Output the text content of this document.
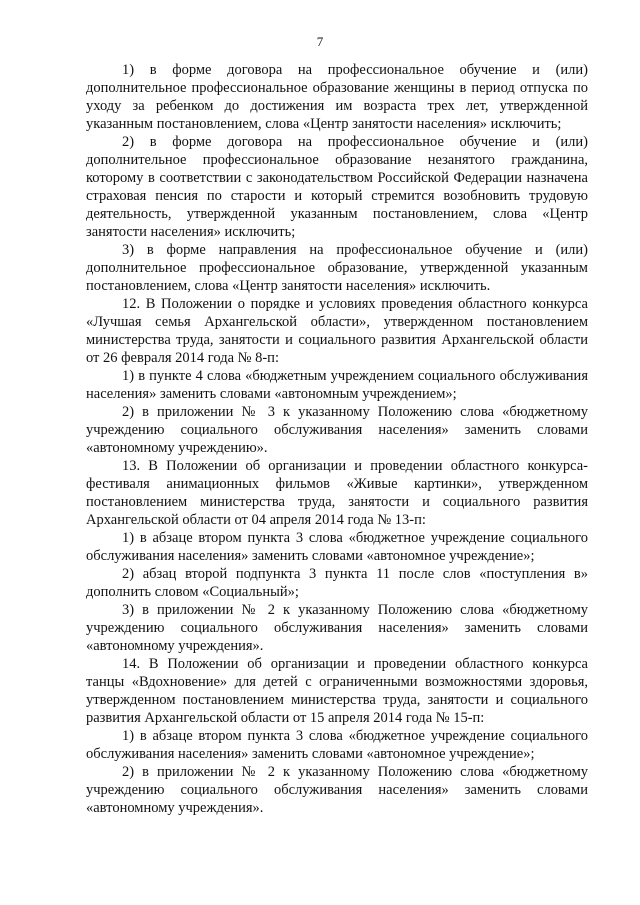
7

1) в форме договора на профессиональное обучение и (или) дополнительное профессиональное образование женщины в период отпуска по уходу за ребенком до достижения им возраста трех лет, утвержденной указанным постановлением, слова «Центр занятости населения» исключить;

2) в форме договора на профессиональное обучение и (или) дополнительное профессиональное образование незанятого гражданина, которому в соответствии с законодательством Российской Федерации назначена страховая пенсия по старости и который стремится возобновить трудовую деятельность, утвержденной указанным постановлением, слова «Центр занятости населения» исключить;

3) в форме направления на профессиональное обучение и (или) дополнительное профессиональное образование, утвержденной указанным постановлением, слова «Центр занятости населения» исключить.

12. В Положении о порядке и условиях проведения областного конкурса «Лучшая семья Архангельской области», утвержденном постановлением министерства труда, занятости и социального развития Архангельской области от 26 февраля 2014 года № 8-п:

1) в пункте 4 слова «бюджетным учреждением социального обслуживания населения» заменить словами «автономным учреждением»;

2) в приложении № 3 к указанному Положению слова «бюджетному учреждению социального обслуживания населения» заменить словами «автономному учреждению».

13. В Положении об организации и проведении областного конкурса-фестиваля анимационных фильмов «Живые картинки», утвержденном постановлением министерства труда, занятости и социального развития Архангельской области от 04 апреля 2014 года № 13-п:

1) в абзаце втором пункта 3 слова «бюджетное учреждение социального обслуживания населения» заменить словами «автономное учреждение»;

2) абзац второй подпункта 3 пункта 11 после слов «поступления в» дополнить словом «Социальный»;

3) в приложении № 2 к указанному Положению слова «бюджетному учреждению социального обслуживания населения» заменить словами «автономному учреждения».

14. В Положении об организации и проведении областного конкурса танцы «Вдохновение» для детей с ограниченными возможностями здоровья, утвержденном постановлением министерства труда, занятости и социального развития Архангельской области от 15 апреля 2014 года № 15-п:

1) в абзаце втором пункта 3 слова «бюджетное учреждение социального обслуживания населения» заменить словами «автономное учреждение»;

2) в приложении № 2 к указанному Положению слова «бюджетному учреждению социального обслуживания населения» заменить словами «автономному учреждения».
